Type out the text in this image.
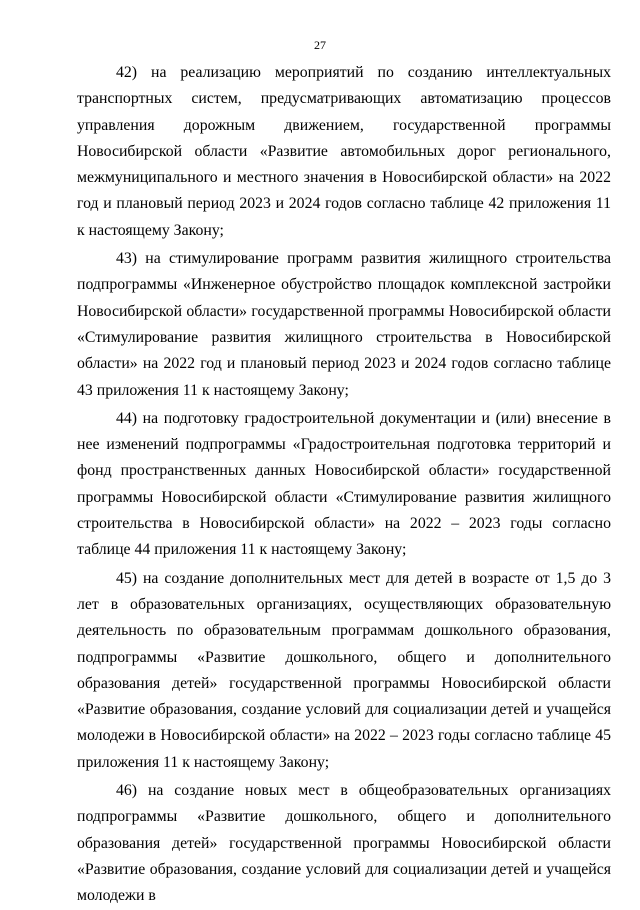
27

42) на реализацию мероприятий по созданию интеллектуальных транспортных систем, предусматривающих автоматизацию процессов управления дорожным движением, государственной программы Новосибирской области «Развитие автомобильных дорог регионального, межмуниципального и местного значения в Новосибирской области» на 2022 год и плановый период 2023 и 2024 годов согласно таблице 42 приложения 11 к настоящему Закону;

43) на стимулирование программ развития жилищного строительства подпрограммы «Инженерное обустройство площадок комплексной застройки Новосибирской области» государственной программы Новосибирской области «Стимулирование развития жилищного строительства в Новосибирской области» на 2022 год и плановый период 2023 и 2024 годов согласно таблице 43 приложения 11 к настоящему Закону;

44) на подготовку градостроительной документации и (или) внесение в нее изменений подпрограммы «Градостроительная подготовка территорий и фонд пространственных данных Новосибирской области» государственной программы Новосибирской области «Стимулирование развития жилищного строительства в Новосибирской области» на 2022 – 2023 годы согласно таблице 44 приложения 11 к настоящему Закону;

45) на создание дополнительных мест для детей в возрасте от 1,5 до 3 лет в образовательных организациях, осуществляющих образовательную деятельность по образовательным программам дошкольного образования, подпрограммы «Развитие дошкольного, общего и дополнительного образования детей» государственной программы Новосибирской области «Развитие образования, создание условий для социализации детей и учащейся молодежи в Новосибирской области» на 2022 – 2023 годы согласно таблице 45 приложения 11 к настоящему Закону;

46) на создание новых мест в общеобразовательных организациях подпрограммы «Развитие дошкольного, общего и дополнительного образования детей» государственной программы Новосибирской области «Развитие образования, создание условий для социализации детей и учащейся молодежи в
